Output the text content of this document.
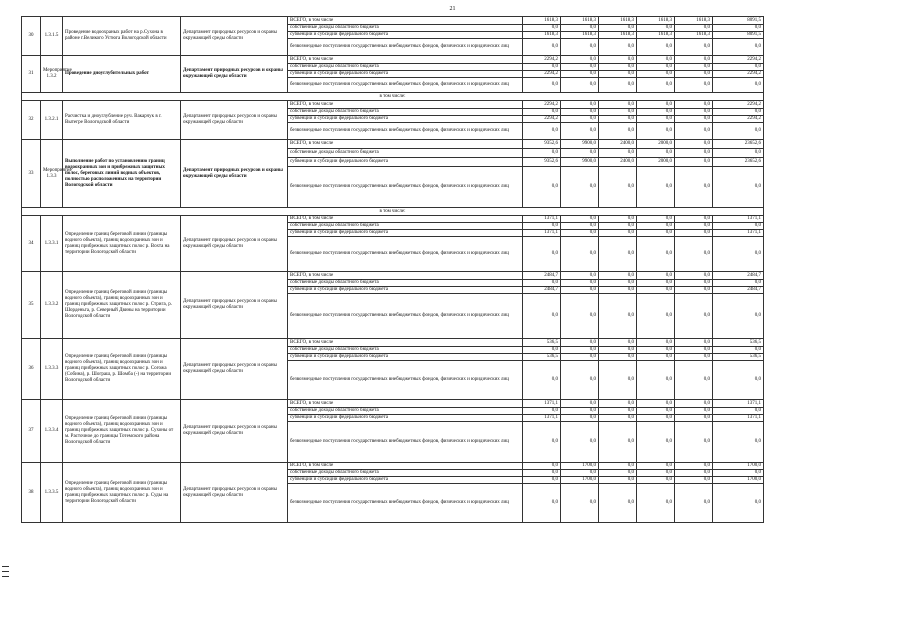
21
30	1.3.1.5	Проведение водоохраных работ на р.Сухона в районе г.Великого Устюга Вологодской области	Департамент природных ресурсов и охраны окружающей среды области	ВСЕГО, в том числе	1618,3	1618,3	1618,3	1618,3	1618,3	8091,5
				собственные доходы областного бюджета	0,0	0,0	0,0	0,0	0,0	0,0
				субвенции и субсидии федерального бюджета	1618,3	1618,3	1618,3	1618,3	1618,3	8091,5
				безвозмездные поступления государственных внебюджетных фондов, физических и юридических лиц	0,0	0,0	0,0	0,0	0,0	0,0
31	Мероприятие 1.3.2	Проведение дноуглубительных работ	Департамент природных ресурсов и охраны окружающей среды области	ВСЕГО, в том числе	2294,2	0,0	0,0	0,0	0,0	2294,2
				собственные доходы областного бюджета	0,0	0,0	0,0	0,0	0,0	0,0
				субвенции и субсидии федерального бюджета	2294,2	0,0	0,0	0,0	0,0	2294,2
				безвозмездные поступления государственных внебюджетных фондов, физических и юридических лиц	0,0	0,0	0,0	0,0	0,0	0,0
в том числе:										
32	1.3.2.1	Расчистка и дноуглубление руч. Вакарчук в г. Вытегре Вологодской области	Департамент природных ресурсов и охраны окружающей среды области	ВСЕГО, в том числе	2294,2	0,0	0,0	0,0	0,0	2294,2
				собственные доходы областного бюджета	0,0	0,0	0,0	0,0	0,0	0,0
				субвенции и субсидии федерального бюджета	2294,2	0,0	0,0	0,0	0,0	2294,2
				безвозмездные поступления государственных внебюджетных фондов, физических и юридических лиц	0,0	0,0	0,0	0,0	0,0	0,0
33	Мероприятие 1.3.3	Выполнение работ по установлению границ водоохранных зон и прибрежных защитных полос, береговых линий водных объектов, полностью расположенных на территории Вологодской области	Департамент природных ресурсов и охраны окружающей среды области	ВСЕГО, в том числе	9352,6	9900,0	2400,0	2000,0	0,0	23652,6
				собственные доходы областного бюджета	0,0	0,0	0,0	0,0	0,0	0,0
				субвенции и субсидии федерального бюджета	9352,6	9900,0	2400,0	2000,0	0,0	23652,6
				безвозмездные поступления государственных внебюджетных фондов, физических и юридических лиц	0,0	0,0	0,0	0,0	0,0	0,0
в том числе:										
34	1.3.3.1	Определение границ береговой линии (границы водного объекта), границ водоохранных зон и границ прибрежных защитных полос р. Вохта на территории Вологодской области	Департамент природных ресурсов и охраны окружающей среды области	ВСЕГО, в том числе	1371,1	0,0	0,0	0,0	0,0	1371,1
				собственные доходы областного бюджета	0,0	0,0	0,0	0,0	0,0	0,0
				субвенции и субсидии федерального бюджета	1371,1	0,0	0,0	0,0	0,0	1371,1
				безвозмездные поступления государственных внебюджетных фондов, физических и юридических лиц	0,0	0,0	0,0	0,0	0,0	0,0
35	1.3.3.2	Определение границ береговой линии (границы водного объекта), границ водоохранных зон и границ прибрежных защитных полос р. Стрига, р. Шорденьга, р. Северный Двины на территории Вологодской области	Департамент природных ресурсов и охраны окружающей среды области	ВСЕГО, в том числе	2484,7	0,0	0,0	0,0	0,0	2484,7
				собственные доходы областного бюджета	0,0	0,0	0,0	0,0	0,0	0,0
				субвенции и субсидии федерального бюджета	2484,7	0,0	0,0	0,0	0,0	2484,7
				безвозмездные поступления государственных внебюджетных фондов, физических и юридических лиц	0,0	0,0	0,0	0,0	0,0	0,0
36	1.3.3.3	Определение границ береговой линии (границы водного объекта), границ водоохранных зон и границ прибрежных защитных полос р. Согожа (Собина), р. Шограш, р. Шомба (-) на территории Вологодской области	Департамент природных ресурсов и охраны окружающей среды области	ВСЕГО, в том числе	536,5	0,0	0,0	0,0	0,0	536,5
				собственные доходы областного бюджета	0,0	0,0	0,0	0,0	0,0	0,0
				субвенции и субсидии федерального бюджета	536,5	0,0	0,0	0,0	0,0	536,5
				безвозмездные поступления государственных внебюджетных фондов, физических и юридических лиц	0,0	0,0	0,0	0,0	0,0	0,0
37	1.3.3.4	Определение границ береговой линии (границы водного объекта), границ водоохранных зон и границ прибрежных защитных полос р. Сухоны от м. Расточное до границы Тотемского района Вологодской области	Департамент природных ресурсов и охраны окружающей среды области	ВСЕГО, в том числе	1371,1	0,0	0,0	0,0	0,0	1371,1
				собственные доходы областного бюджета	0,0	0,0	0,0	0,0	0,0	0,0
				субвенции и субсидии федерального бюджета	1371,1	0,0	0,0	0,0	0,0	1371,1
				безвозмездные поступления государственных внебюджетных фондов, физических и юридических лиц	0,0	0,0	0,0	0,0	0,0	0,0
38	1.3.3.5	Определение границ береговой линии (границы водного объекта), границ водоохранных зон и границ прибрежных защитных полос р. Суды на территории Вологодской области	Департамент природных ресурсов и охраны окружающей среды области	ВСЕГО, в том числе	0,0	1700,0	0,0	0,0	0,0	1700,0
				собственные доходы областного бюджета	0,0	0,0	0,0	0,0	0,0	0,0
				субвенции и субсидии федерального бюджета	0,0	1700,0	0,0	0,0	0,0	1700,0
				безвозмездные поступления государственных внебюджетных фондов, физических и юридических лиц	0,0	0,0	0,0	0,0	0,0	0,0
